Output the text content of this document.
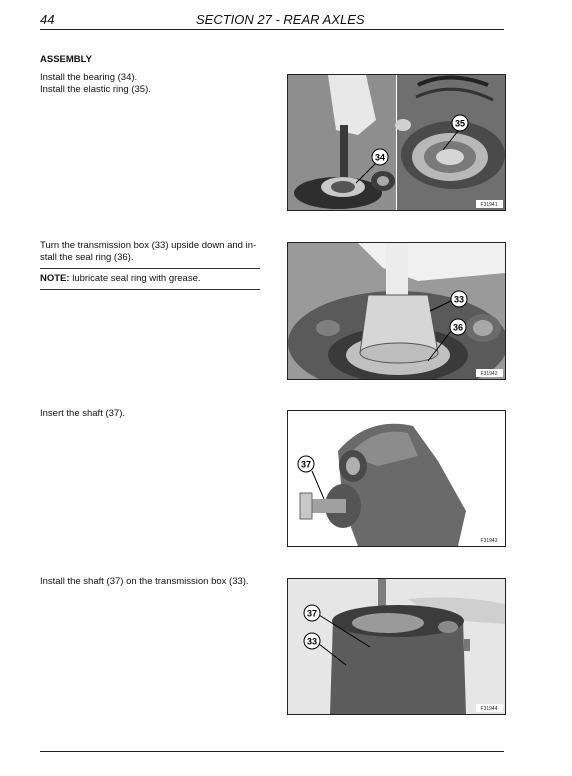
44	SECTION 27 - REAR AXLES
ASSEMBLY
Install the bearing (34).
Install the elastic ring (35).
Turn the transmission box (33) upside down and in-
stall the seal ring (36).
NOTE: lubricate seal ring with grease.
Insert the shaft (37).
Install the shaft (37) on the transmission box (33).
34
35
F31941
33
36
F31942
37
F31943
37
33
F31944
